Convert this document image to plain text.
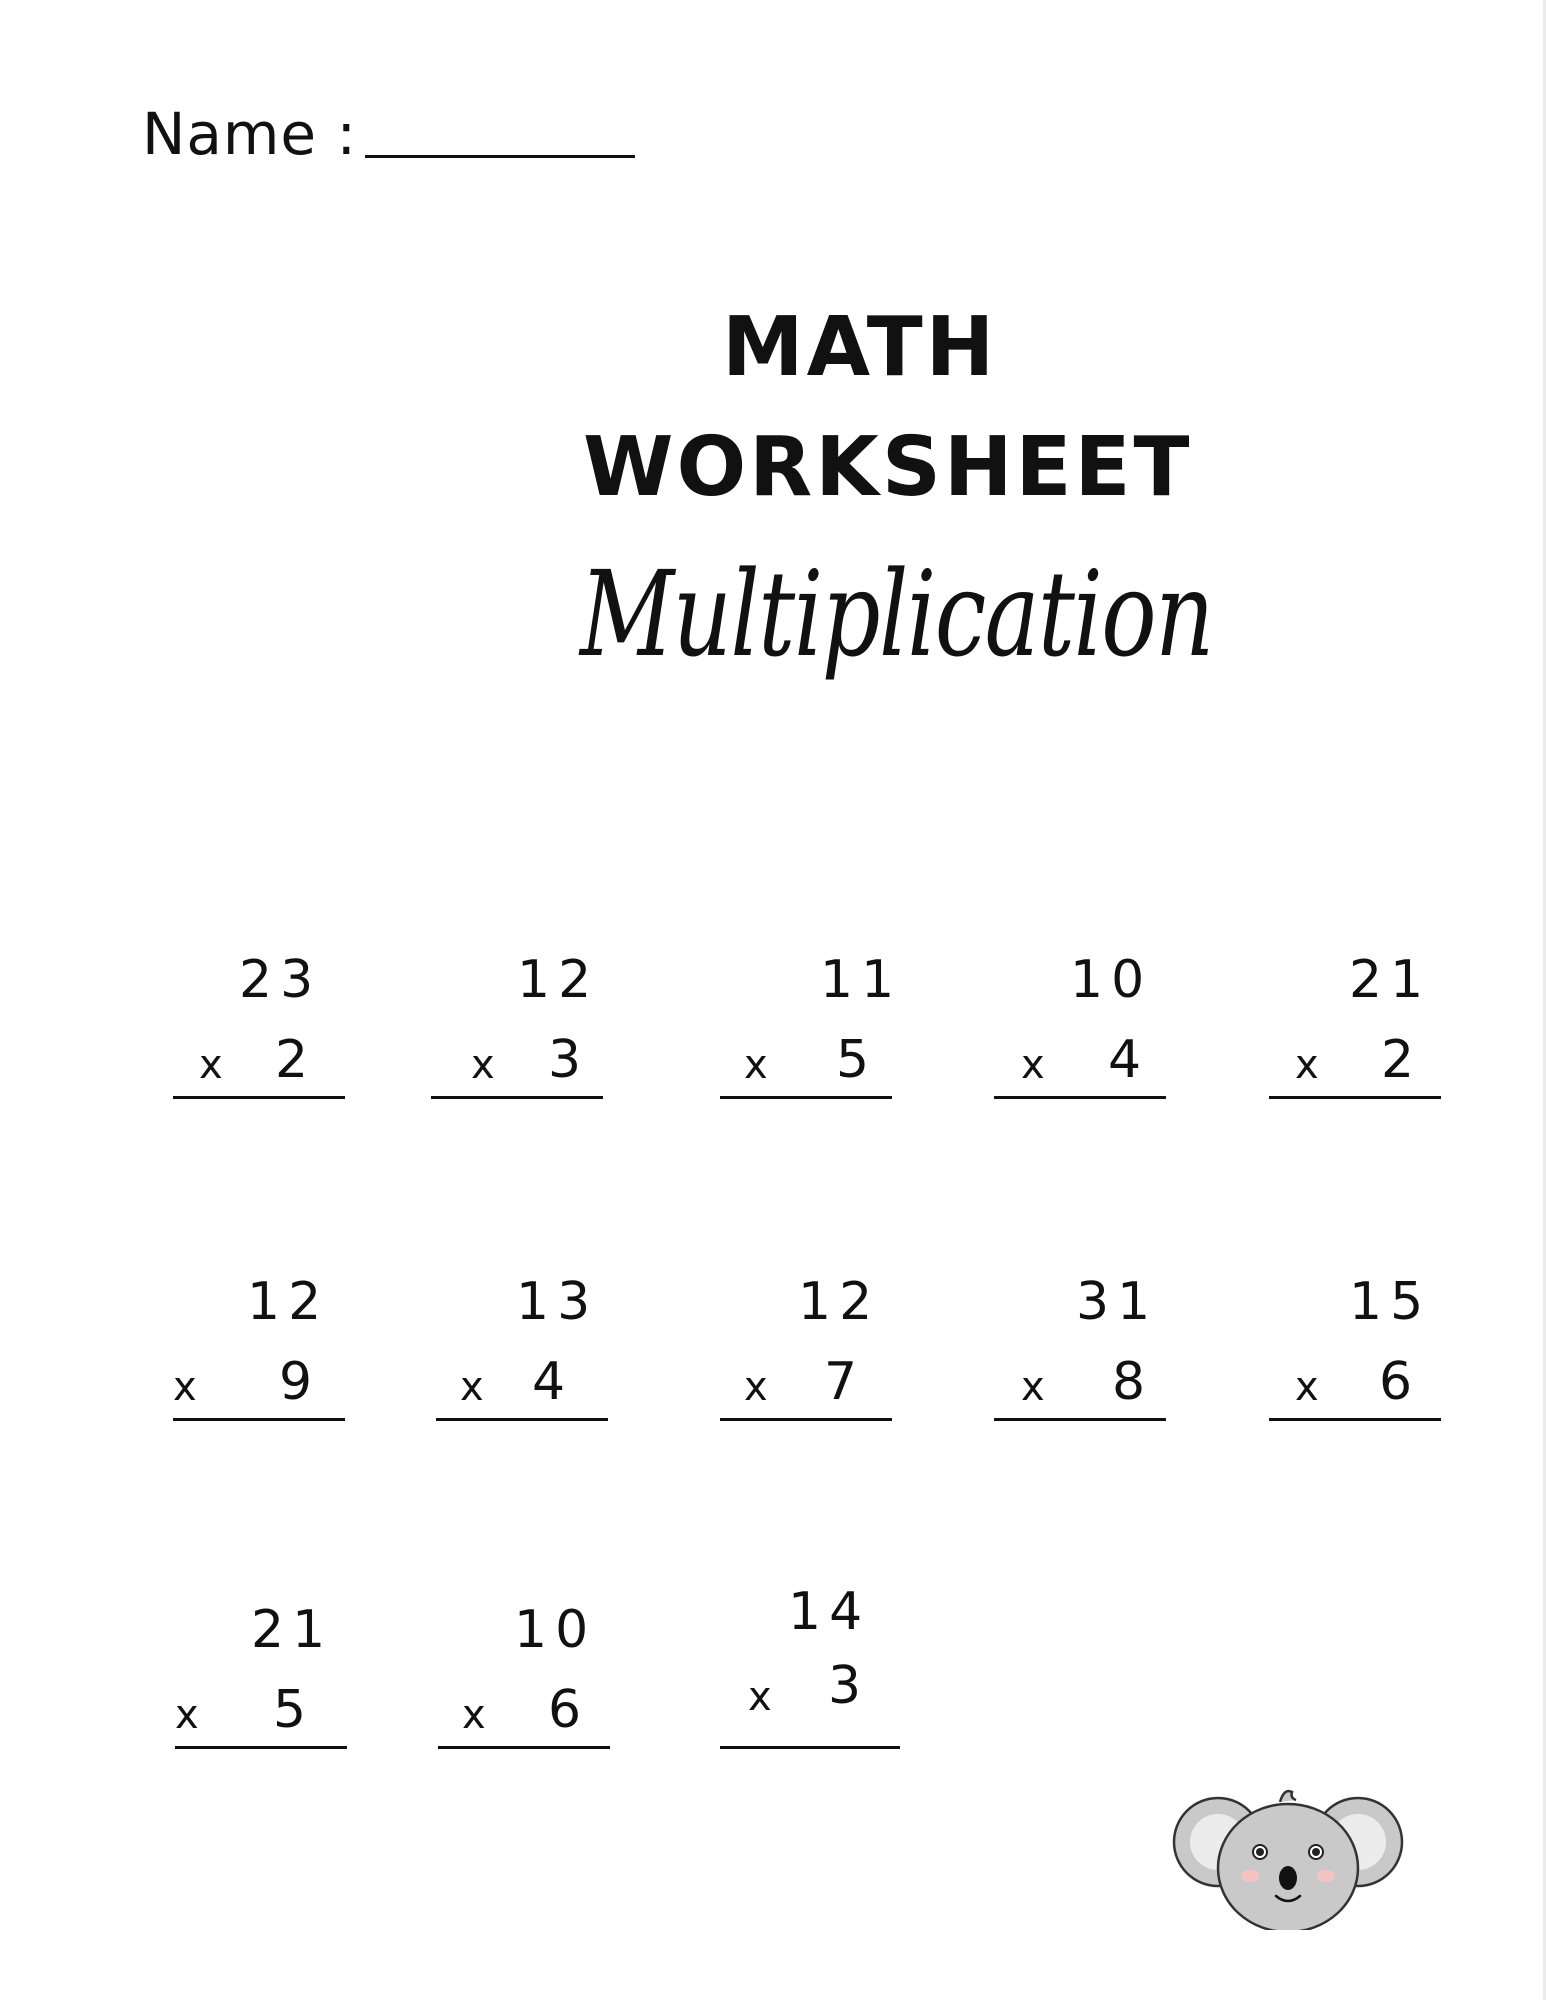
Name :
MATH
WORKSHEET
Multiplication
23
x 2
12
x 3
11
x 5
10
x 4
21
x 2
12
x 9
13
x 4
12
x 7
31
x 8
15
x 6
21
x 5
10
x 6
14
x 3
